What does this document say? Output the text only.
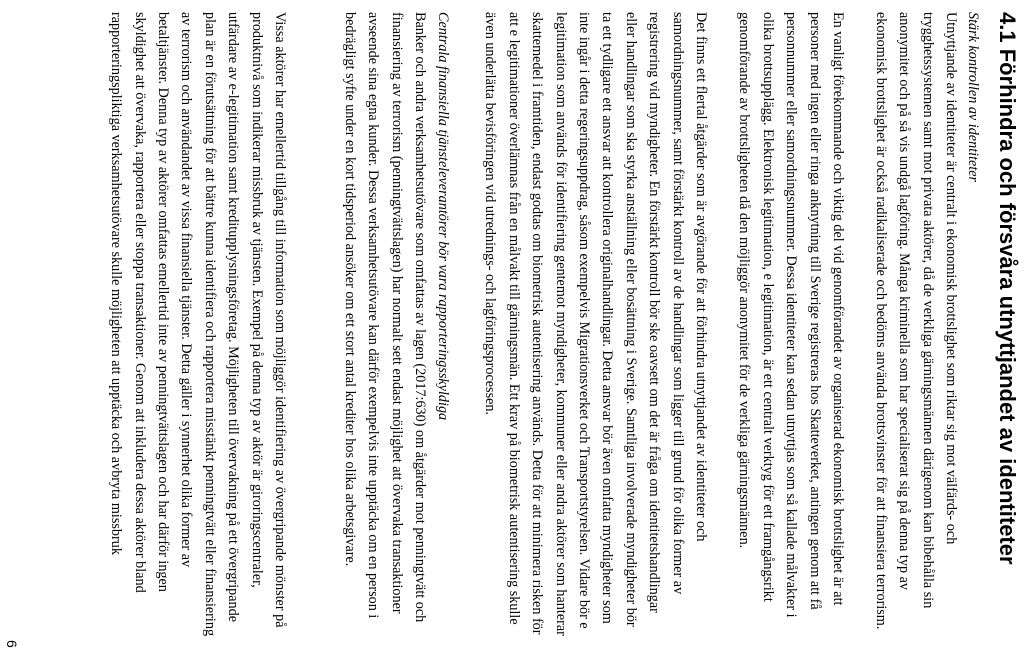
4.1 Förhindra och försvåra utnyttjandet av identiteter
Stärk kontrollen av identiteter
Utnyttjande av identiteter är centralt i ekonomisk brottslighet som riktar sig mot välfärds- och trygghetssystemen samt mot privata aktörer, då de verkliga gärningsmännen därigenom kan bibehålla sin anonymitet och på så vis undgå lagföring. Många kriminella som har specialiserat sig på denna typ av ekonomisk brottslighet är också radikaliserade och bedöms använda brottsvinster för att finansiera terrorism.
En vanligt förekommande och viktig del vid genomförandet av organiserad ekonomisk brottslighet är att personer med ingen eller ringa anknytning till Sverige registreras hos Skatteverket, antingen genom att få personnummer eller samordningsnummer. Dessa identiteter kan sedan utnyttjas som så kallade målvakter i olika brottsupplägg. Elektronisk legitimation, e legitimation, är ett centralt verktyg för ett framgångsrikt genomförande av brottsligheten då den möjliggör anonymitet för de verkliga gärningsmännen.
Det finns ett flertal åtgärder som är avgörande för att förhindra utnyttjandet av identiteter och samordningsnummer, samt förstärkt kontroll av de handlingar som ligger till grund för olika former av registrering vid myndigheter. En förstärkt kontroll bör ske oavsett om det är fråga om identitetshandlingar eller handlingar som ska styrka anställning eller bosättning i Sverige. Samtliga involverade myndigheter bör ta ett tydligare ett ansvar att kontrollera originalhandlingar. Detta ansvar bör även omfatta myndigheter som inte ingår i detta regeringsuppdrag, såsom exempelvis Migrationsverket och Transportstyrelsen. Vidare bör e legitimation som används för identifiering gentemot myndigheter, kommuner eller andra aktörer som hanterar skattemedel i framtiden, endast godtas om biometrisk autentisering används. Detta för att minimera risken för att e legitimationer överlämnas från en målvakt till gärningsmän. Ett krav på biometrisk autentisering skulle även underlätta bevisföringen vid utrednings- och lagföringsprocessen.
Centrala finansiella tjänsteleverantörer bör vara rapporteringsskyldiga
Banker och andra verksamhetsutövare som omfattas av lagen (2017:630) om åtgärder mot penningtvätt och finansiering av terrorism (penningtvättslagen) har normalt sett endast möjlighet att övervaka transaktioner avseende sina egna kunder. Dessa verksamhetsutövare kan därför exempelvis inte upptäcka om en person i bedrägligt syfte under en kort tidsperiod ansöker om ett stort antal krediter hos olika arbetsgivare.
Vissa aktörer har emellertid tillgång till information som möjliggör identifiering av övergripande mönster på produktnivå som indikerar missbruk av tjänsten. Exempel på denna typ av aktör är giroringscentraler, utfärdare av e-legitimation samt kreditupplysningsföretag. Möjligheten till övervakning på ett övergripande plan är en förutsättning för att bättre kunna identifiera och rapportera misstänkt penningtvätt eller finansiering av terrorism och användandet av vissa finansiella tjänster. Detta gäller i synnerhet olika former av betaltjänster. Denna typ av aktörer omfattas emellertid inte av penningtvättslagen och har därför ingen skyldighet att övervaka, rapportera eller stoppa transaktioner. Genom att inkludera dessa aktörer bland rapporteringspliktiga verksamhetsutövare skulle möjligheten att upptäcka och avbryta missbruk
6
